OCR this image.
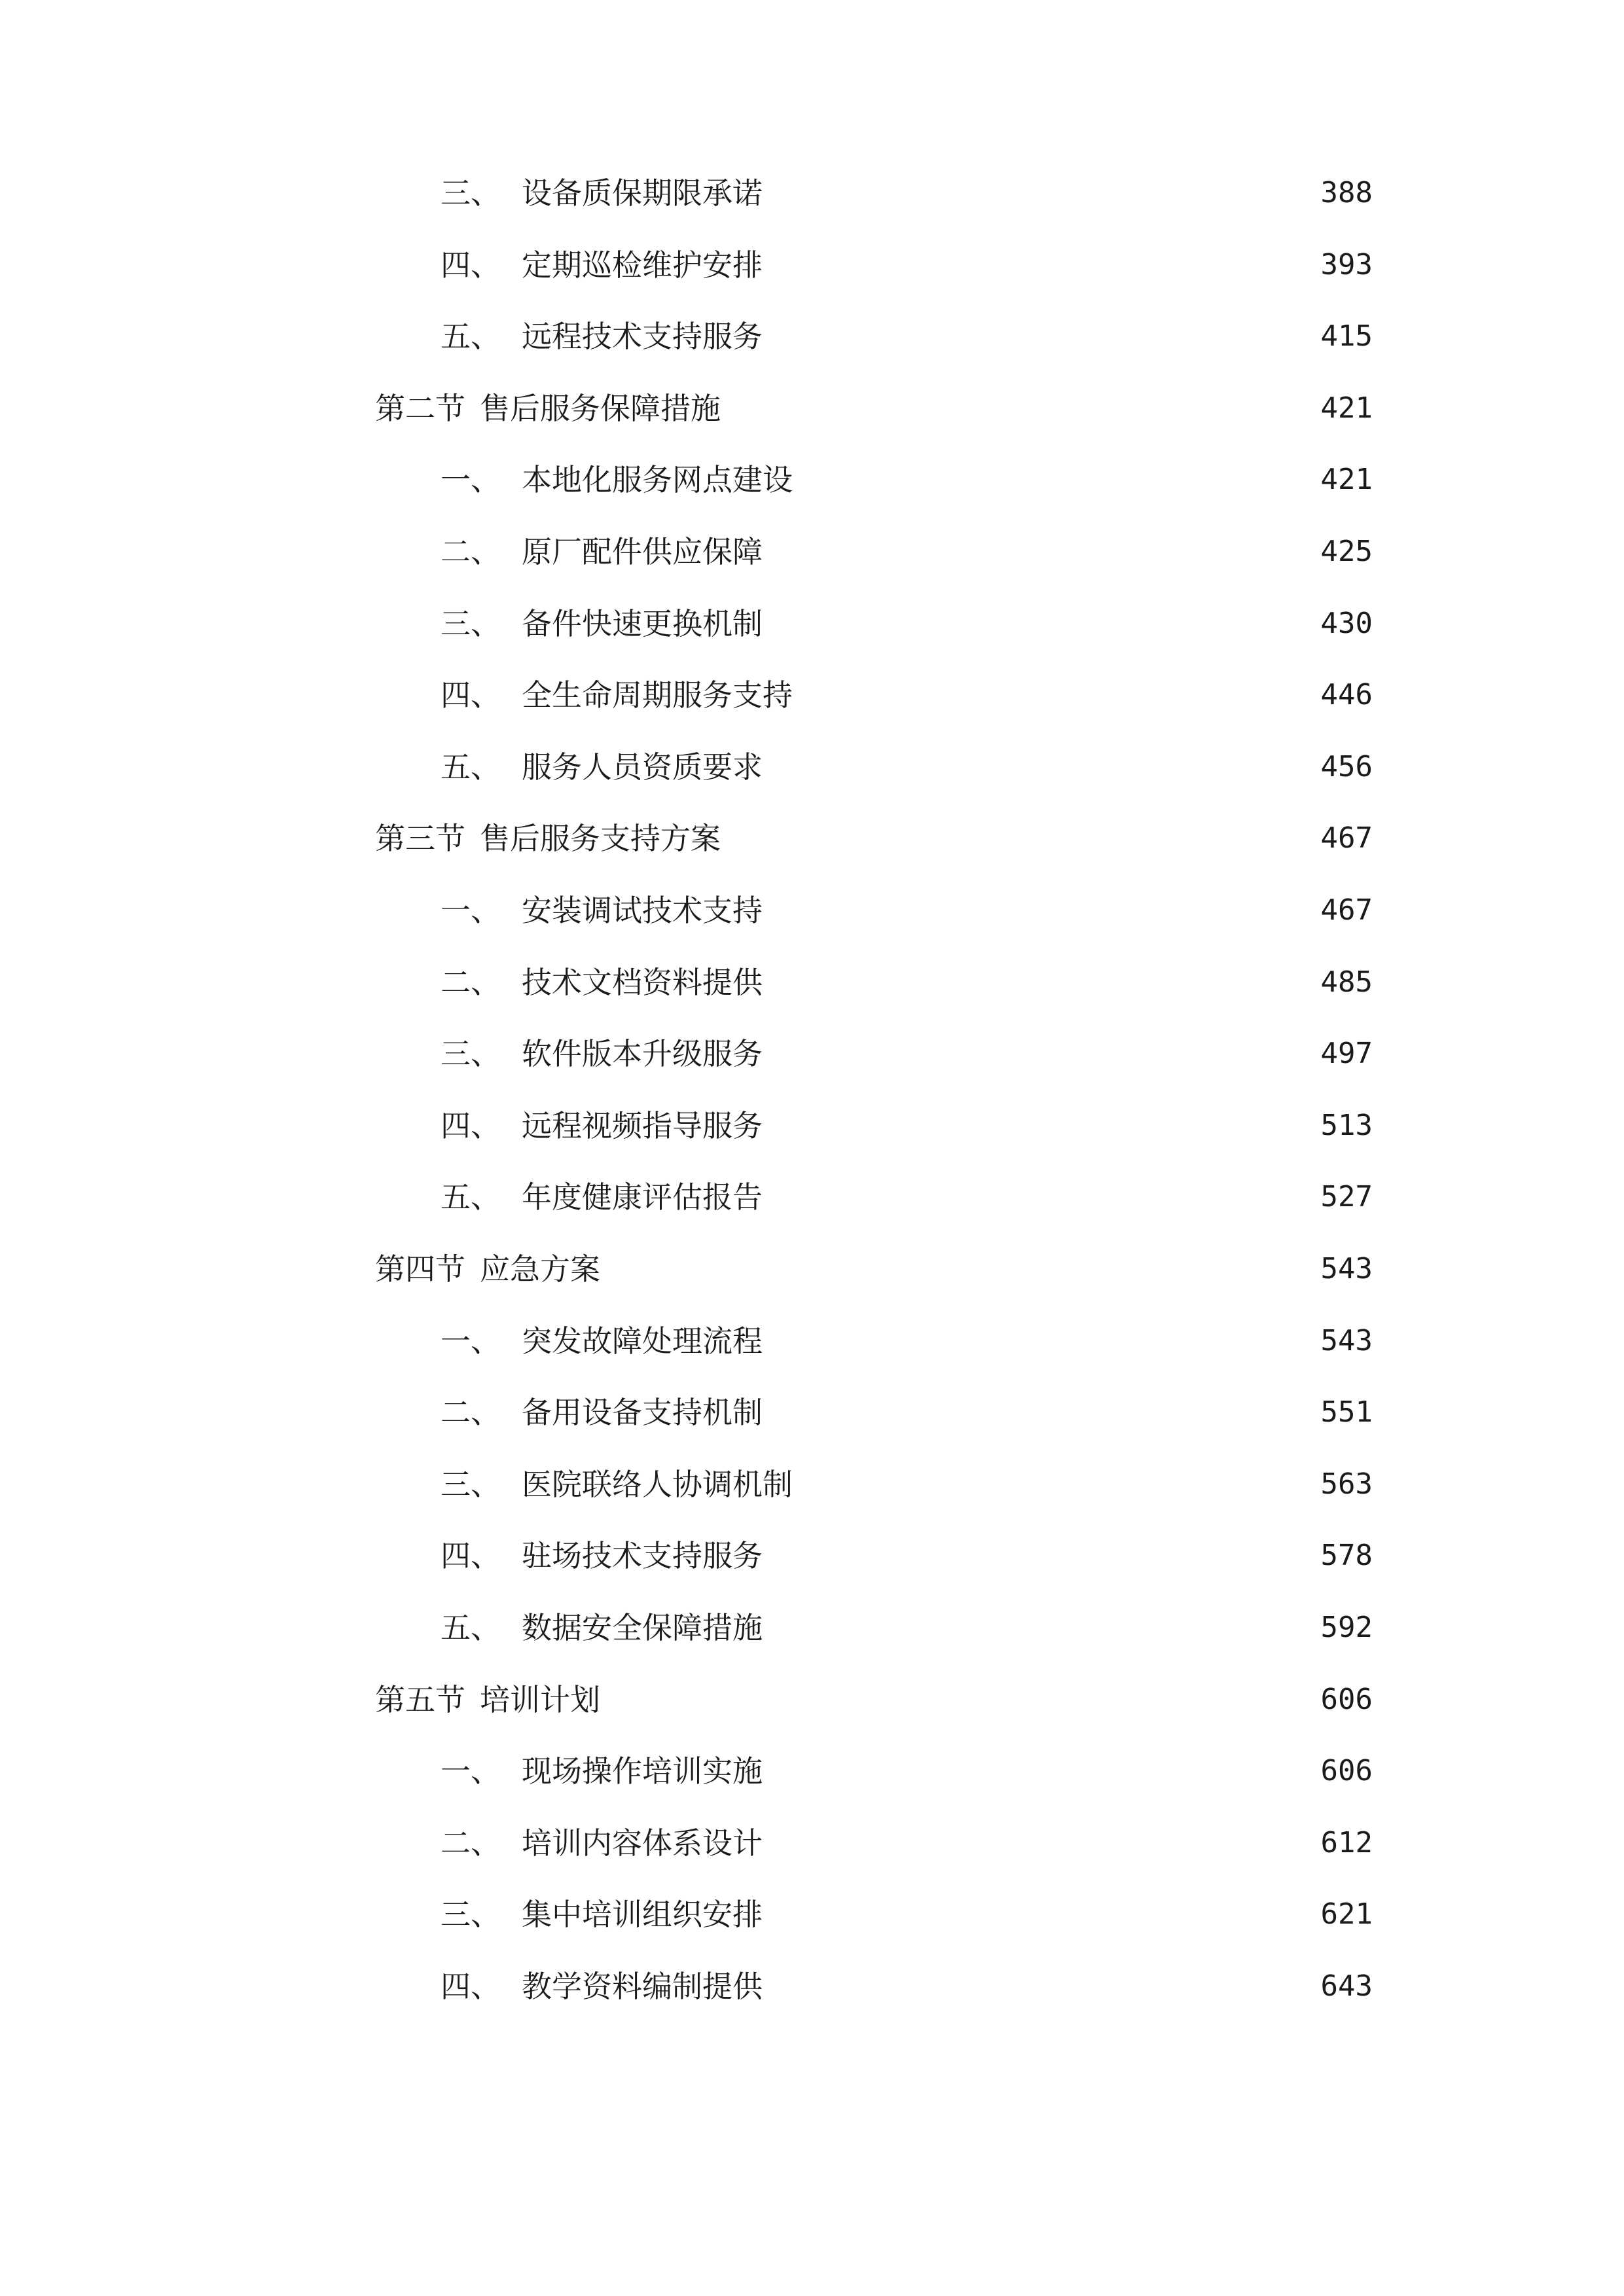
三、 设备质保期限承诺	388
四、 定期巡检维护安排	393
五、 远程技术支持服务	415
第二节 售后服务保障措施	421
一、 本地化服务网点建设	421
二、 原厂配件供应保障	425
三、 备件快速更换机制	430
四、 全生命周期服务支持	446
五、 服务人员资质要求	456
第三节 售后服务支持方案	467
一、 安装调试技术支持	467
二、 技术文档资料提供	485
三、 软件版本升级服务	497
四、 远程视频指导服务	513
五、 年度健康评估报告	527
第四节 应急方案	543
一、 突发故障处理流程	543
二、 备用设备支持机制	551
三、 医院联络人协调机制	563
四、 驻场技术支持服务	578
五、 数据安全保障措施	592
第五节 培训计划	606
一、 现场操作培训实施	606
二、 培训内容体系设计	612
三、 集中培训组织安排	621
四、 教学资料编制提供	643
